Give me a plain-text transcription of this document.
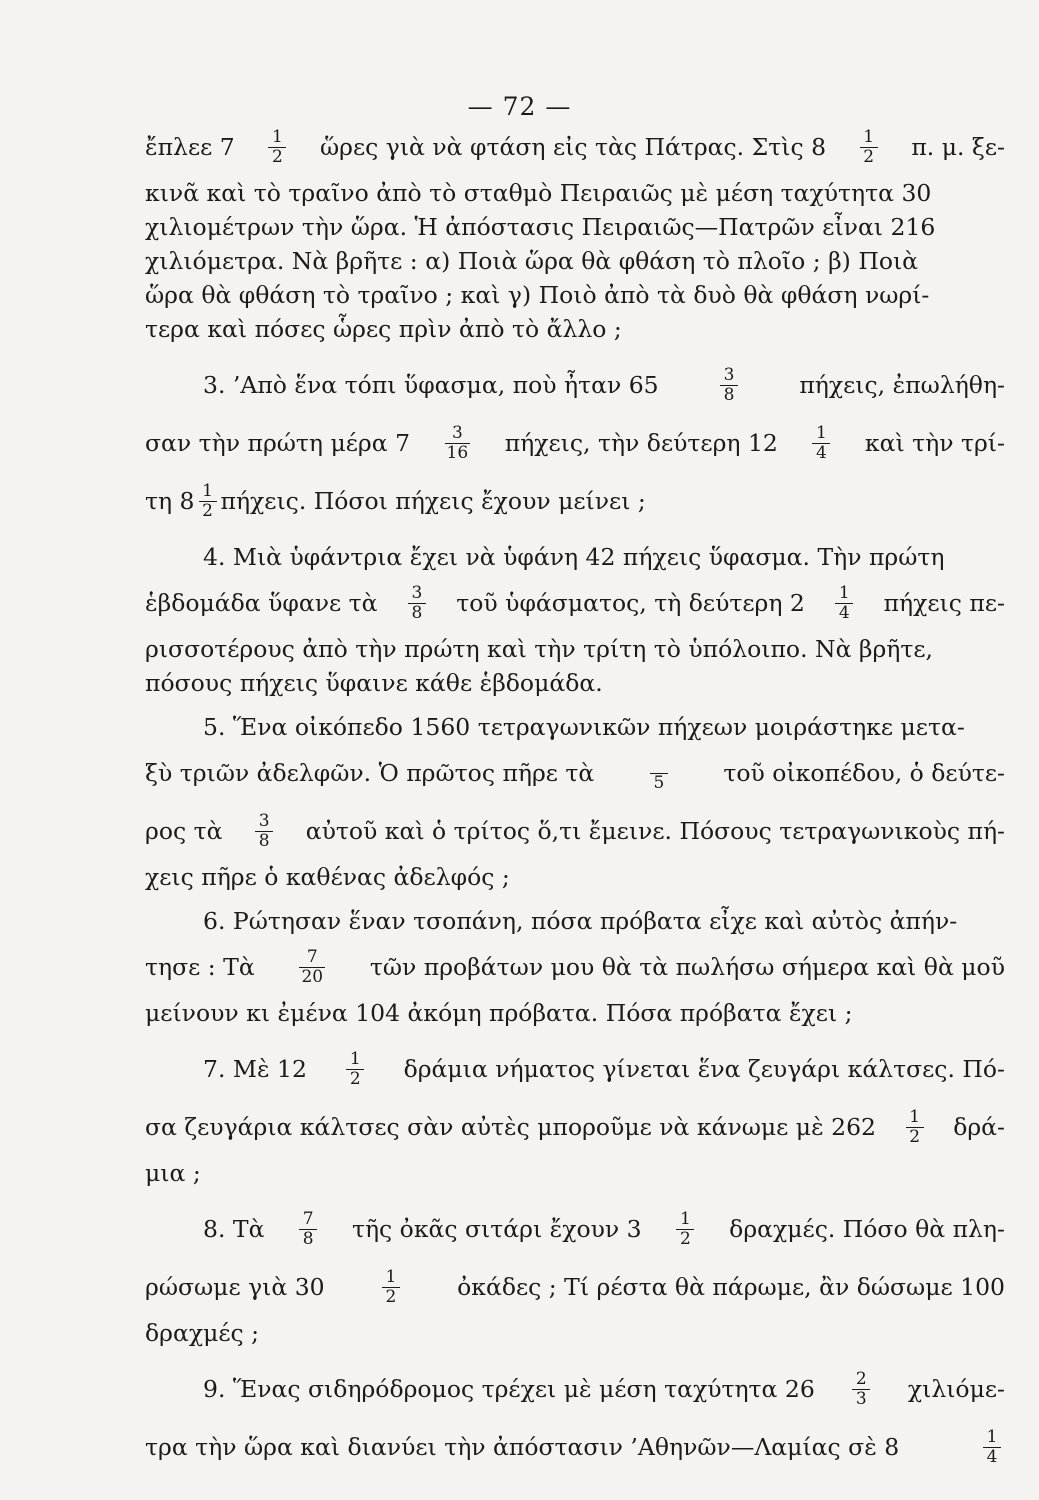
— 72 —
ἔπλεε $7 \frac{1}{2}$ ὥρες γιὰ νὰ φτάση εἰς τὰς Πάτρας. Στὶς $8 \frac{1}{2} \pi$. μ. ξε-
κινᾶ καὶ τὸ τραῖνο ἀπὸ τὸ σταθμὸ Πειραιῶς μὲ μέση ταχύτητα 30
χιλιομέτρων τὴν ὥρα. Ἡ ἀπόστασις Πειραιῶς—Πατρῶν εἶναι 216
χιλιόμετρα. Νὰ βρῆτε : α) Ποιὰ ὥρα θὰ φθάση τὸ πλοῖο ; β) Ποιὰ
ὥρα θὰ φθάση τὸ τραῖνο ; καὶ γ) Ποιὸ ἀπὸ τὰ δυὸ θὰ φθάση νωρί-
τερα καὶ πόσες ὧρες πρὶν ἀπὸ τὸ ἄλλο ;
3. ’Απὸ ἕνα τόπι ὕφασμα, ποὺ ἦταν 65	$\frac{3}{8}$	πήχεις, ἐπωλήθη-
σαν τὴν πρώτη μέρα $7 \frac{3}{16} \pi ή\chi\varepsilon\iota\varsigma$, τὴν δεύτερη $12 \frac{1}{4}$ καὶ τὴν τρί-
τη $8 \frac{1}{2} \pi ή\chi\varepsilon\iota\varsigma$. Πόσοι πήχεις ἔχουν μείνει ;
4. Μιὰ ὑφάντρια ἔχει νὰ ὑφάνη 42 πήχεις ὕφασμα. Τὴν πρώτη
ἑβδομάδα ὕφανε τὰ $\frac{3}{8}$ τοῦ ὑφάσματος, τὴ δεύτερη $2 \frac{1}{4}$ πήχεις πε-
ρισσοτέρους ἀπὸ τὴν πρώτη καὶ τὴν τρίτη τὸ ὑπόλοιπο. Νὰ βρῆτε,
πόσους πήχεις ὕφαινε κάθε ἑβδομάδα.
5. Ἕνα οἰκόπεδο 1560 τετραγωνικῶν πήχεων μοιράστηκε μετα-
ξὺ τριῶν ἀδελφῶν. Ὁ πρῶτος πῆρε τὰ	5	τοῦ οἰκοπέδου, ὁ δεύτε-
ρος τὰ $\frac{3}{8}$ αὐτοῦ καὶ ὁ τρίτος ὅ,τι ἔμεινε. Πόσους τετραγωνικοὺς πή-
χεις πῆρε ὁ καθένας ἀδελφός ;
6. Ρώτησαν ἕναν τσοπάνη, πόσα πρόβατα εἶχε καὶ αὐτὸς ἀπήν-
τησε : Τὰ	$\frac{7}{20}$ τῶν προβάτων μου θὰ τὰ πωλήσω σήμερα καὶ θὰ μοῦ
μείνουν κι ἐμένα 104 ἀκόμη πρόβατα. Πόσα πρόβατα ἔχει ;
7. Μὲ $12 \frac{1}{2}$ δράμια νήματος γίνεται ἕνα ζευγάρι κάλτσες. Πό-
σα ζευγάρια κάλτσες σὰν αὐτὲς μποροῦμε νὰ κάνωμε μὲ $262 \frac{1}{2} \delta\rho ά-$
μια ;
8. Τὰ $\frac{7}{8}$ τῆς ὀκᾶς σιτάρι ἔχουν $3 \frac{1}{2} \delta\rho\alpha\chi\mu έ\varsigma$. Πόσο θὰ πλη-
ρώσωμε γιὰ 30	$\frac{1}{2}$ ὀκάδες ; Τί ρέστα θὰ πάρωμε, ἂν δώσωμε 100
δραχμές ;
9. Ἕνας σιδηρόδρομος τρέχει μὲ μέση ταχύτητα $26 \frac{2}{3} \chi\iota\lambda\iota ό\mu\varepsilon-$
τρα τὴν ὥρα καὶ διανύει τὴν ἀπόστασιν ’Αθηνῶν—Λαμίας σὲ 8	$\frac{1}{4}$
